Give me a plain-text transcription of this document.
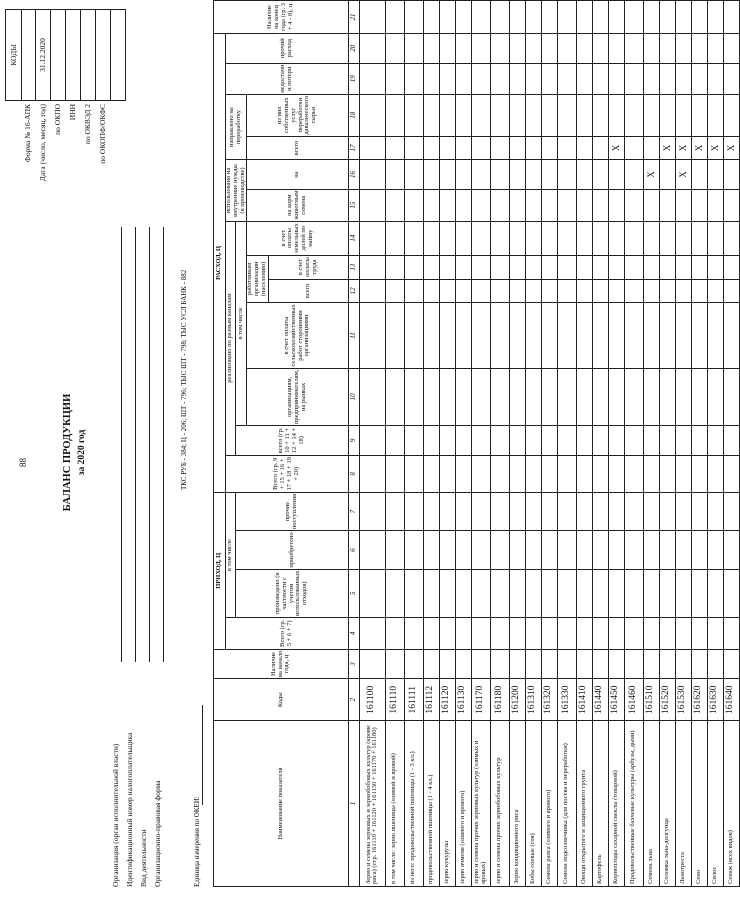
88	БАЛАНС ПРОДУКЦИИ за 2020 год
КОДЫ	31.12.2020
Форма № 16-АПК Дата (число, месяц, год) по ОКПО ИНН по ОКВЭД 2 по ОКОПФ/ОКФС
Организация (орган исполнительной власти) Идентификационный номер налогоплательщика Вид деятельности Организационно-правовая форма	Единица измерения по ОКЕИ:
ТКС РУБ - 384; Ц - 206; ШТ - 796; ТЫС ШТ - 798; ТЫС УСЛ БАНК - 882
Наименование показателя	Коды	Наличие на начало года, ц	ПРИХОД, Ц				РАСХОД, Ц													Наличие на конец года (гр. 3 + 4 - 8), ц
			Всего (гр. 5 + 6 + 7)	в том числе			Всего (гр. 9 + 15 + 16 + 17 + 18 + 19 + 20)	реализовано по разным каналам						использовано на внутренние нужды (в производстве)		направлено на переработку		недостачи и потери	прочий расход	
				произведено (в частности с учетом использованных отходов)	приобретено	прочие поступления		всего (гр. 10 + 11 + 12 + 14 + 18)	в том числе											
									организациям, предпринимателям, на рынках	в счет оплаты сельскохозяйственных работ сторонними организациями	работникам организации (населению)		в счет оплаты земельных долей по найму	на корм животным семена	на	всего	из них собственных услуг переработки давальческого сырья			
											всего	в счет оплаты труда								

1	2	3	4	5	6	7	8	9	10	11	12	13	14	15	16	17	18	19	20	21
Зерно и семена зерновых и зернобобовых культур (кроме риса) (стр. 161110 + 161120 + 161130 + 161170 + 161180)	161100																			
в том числе: зерно пшеницы (озимой и яровой)	161110																			
из него: продовольственной пшеницы (1 - 3 кл.)	161111																			
продовольственной пшеницы (1 - 4 кл.)	161112																			
зерно кукурузы	161120																			
зерно ячменя (озимого и ярового)	161130																			
зерно и семена прочих зерновых культур (озимых и яровых)	161170																			
зерно и семена прочих зернобобовых культур	161180																			
Зерно кондиционного риса	161200																			
Бобы соевые (соя)	161310																			
Семена рапса (озимого и ярового)	161320																			
Семена подсолнечника (для посева и переработки)	161330																			
Овощи открытого и защищенного грунта	161410																			
Картофель	161440																			
Корнеплоды сахарной свеклы (товарной)	161450															X				
Продовольственные бахчевые культуры (арбузы, дыни)	161460																			
Семена льна	161510														X					
Соломка льна-долгунца	161520															X				
Льнотреста	161530														X	X				
Сено	161620															X				
Силос	161630															X				
Сенаж (всех видов)	161640															X				
